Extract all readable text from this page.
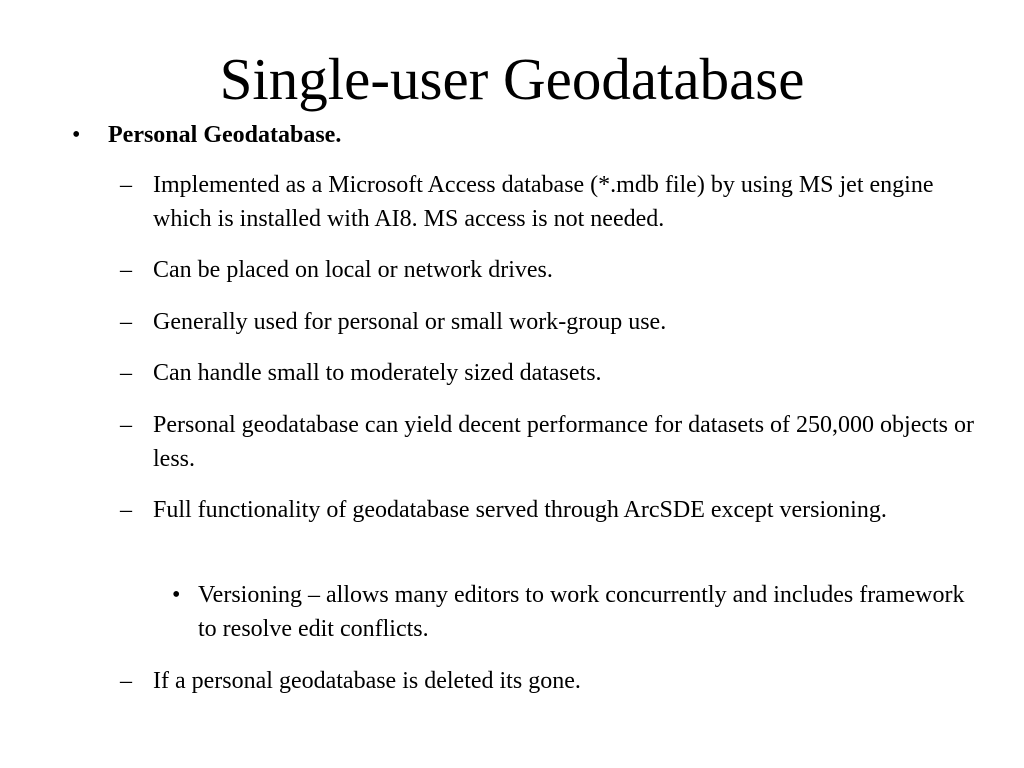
Single-user Geodatabase
• Personal Geodatabase.
– Implemented as a Microsoft Access database (*.mdb file) by using MS jet engine which is installed with AI8. MS access is not needed.
– Can be placed on local or network drives.
– Generally used for personal or small work-group use.
– Can handle small to moderately sized datasets.
– Personal geodatabase can yield decent performance for datasets of 250,000 objects or less.
– Full functionality of geodatabase served through ArcSDE except versioning.
• Versioning – allows many editors to work concurrently and includes framework to resolve edit conflicts.
– If a personal geodatabase is deleted its gone.
